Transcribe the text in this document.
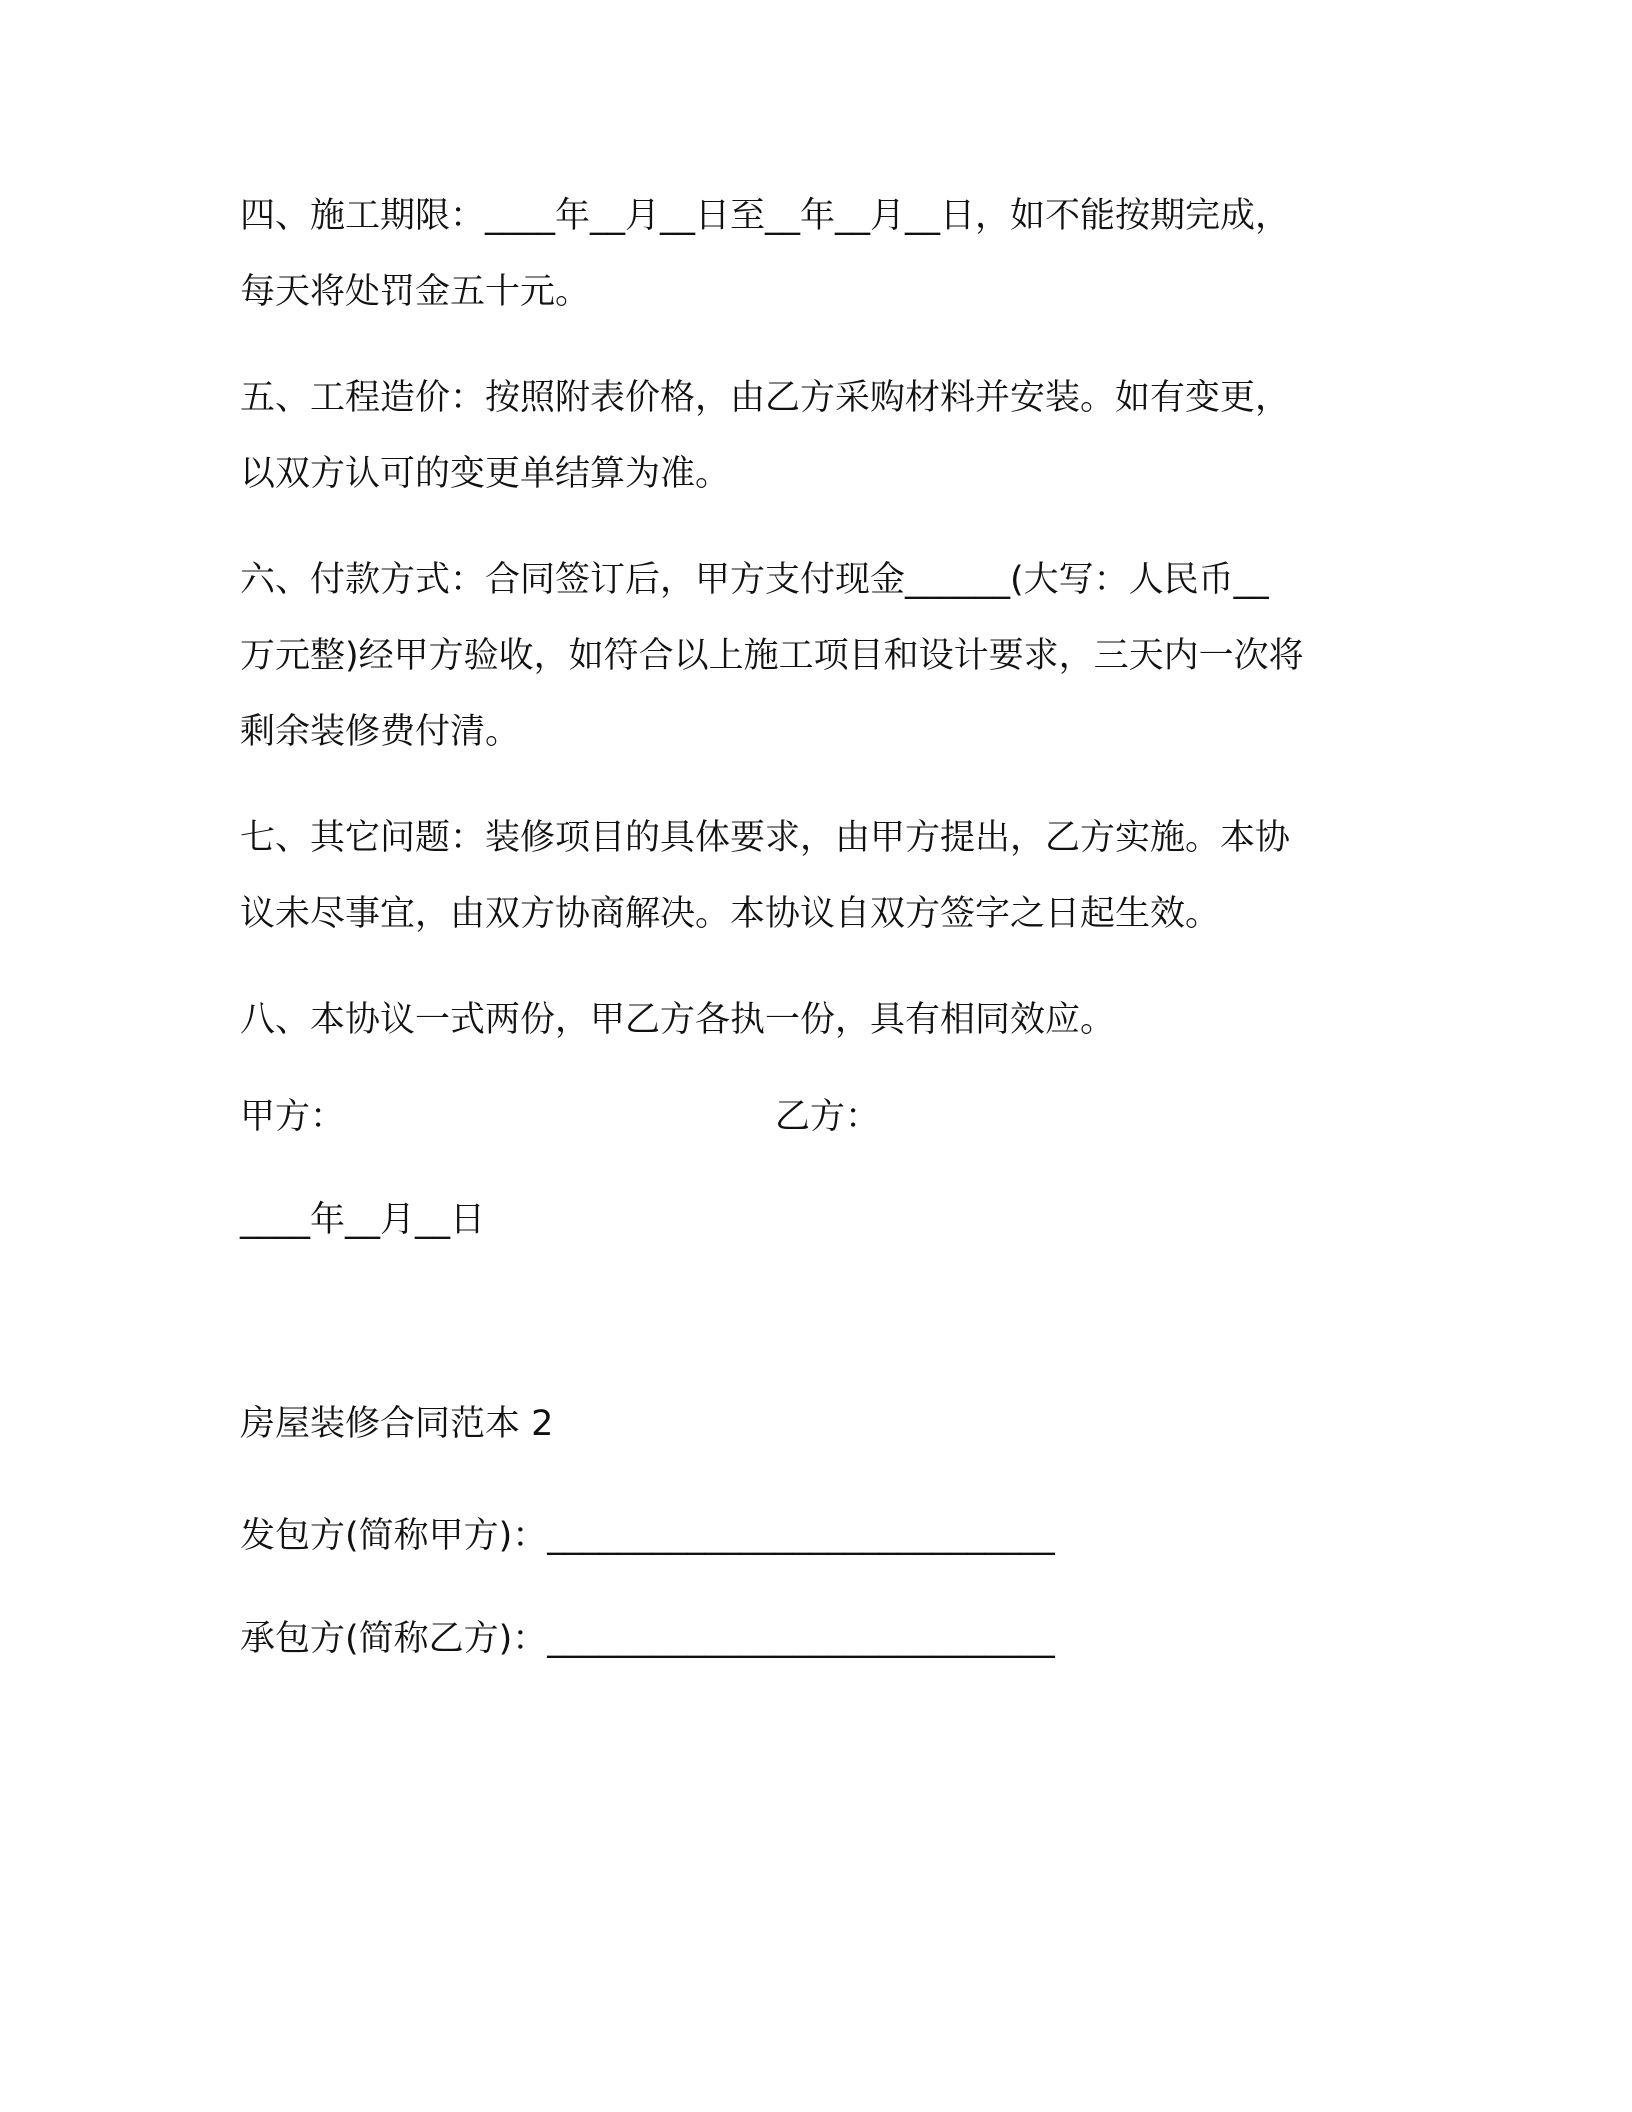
四、施工期限：____年__月__日至__年__月__日，如不能按期完成，
每天将处罚金五十元。
五、工程造价：按照附表价格，由乙方采购材料并安装。如有变更，
以双方认可的变更单结算为准。
六、付款方式：合同签订后，甲方支付现金______(大写：人民币__
万元整)经甲方验收，如符合以上施工项目和设计要求，三天内一次将
剩余装修费付清。
七、其它问题：装修项目的具体要求，由甲方提出，乙方实施。本协
议未尽事宜，由双方协商解决。本协议自双方签字之日起生效。
八、本协议一式两份，甲乙方各执一份，具有相同效应。
甲方：	乙方：
____年__月__日
房屋装修合同范本 2
发包方(简称甲方)：_____________________________
承包方(简称乙方)：_____________________________
